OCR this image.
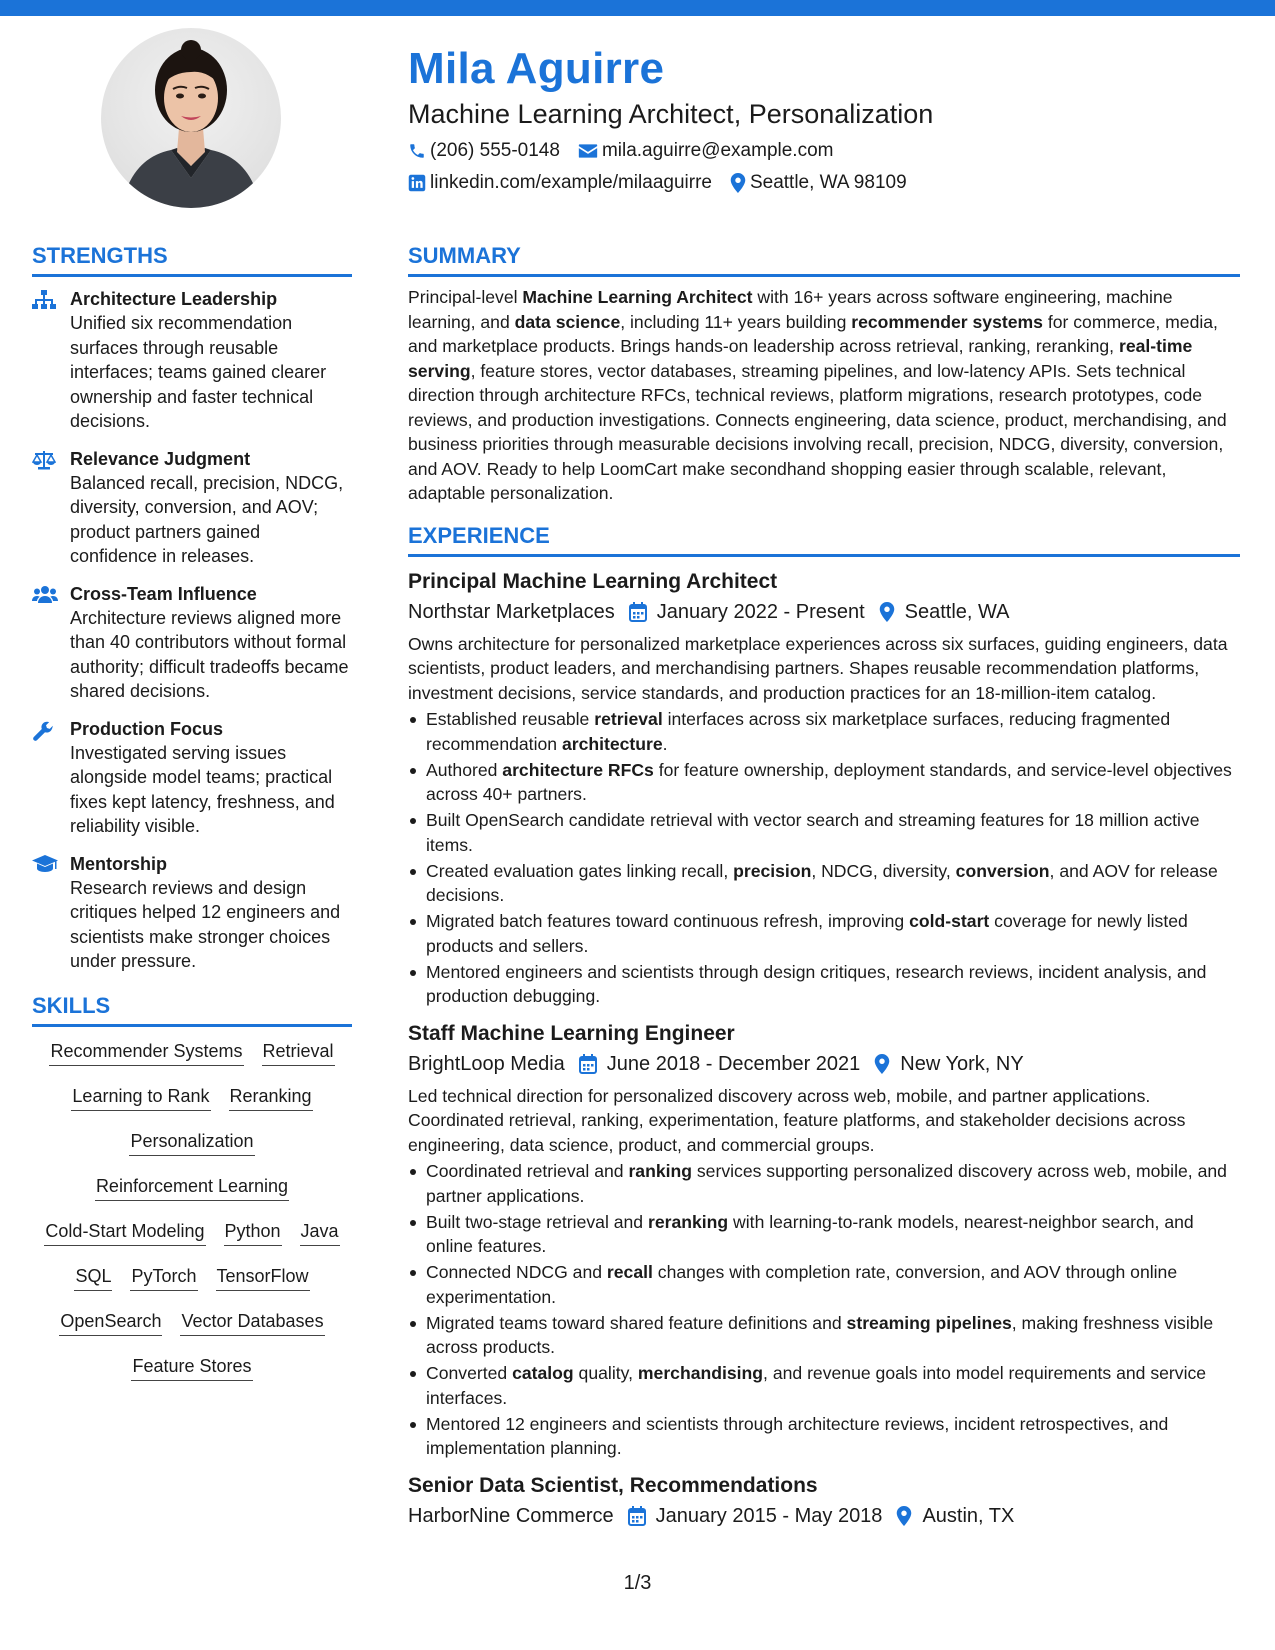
Mila Aguirre
Machine Learning Architect, Personalization
(206) 555-0148 mila.aguirre@example.com
linkedin.com/example/milaaguirre Seattle, WA 98109
STRENGTHS
Architecture Leadership
Unified six recommendation surfaces through reusable interfaces; teams gained clearer ownership and faster technical decisions.
Relevance Judgment
Balanced recall, precision, NDCG, diversity, conversion, and AOV; product partners gained confidence in releases.
Cross-Team Influence
Architecture reviews aligned more than 40 contributors without formal authority; difficult tradeoffs became shared decisions.
Production Focus
Investigated serving issues alongside model teams; practical fixes kept latency, freshness, and reliability visible.
Mentorship
Research reviews and design critiques helped 12 engineers and scientists make stronger choices under pressure.
SKILLS
Recommender Systems Retrieval
Learning to Rank Reranking
Personalization
Reinforcement Learning
Cold-Start Modeling Python Java
SQL PyTorch TensorFlow
OpenSearch Vector Databases
Feature Stores
SUMMARY
Principal-level Machine Learning Architect with 16+ years across software engineering, machine learning, and data science, including 11+ years building recommender systems for commerce, media, and marketplace products. Brings hands-on leadership across retrieval, ranking, reranking, real-time serving, feature stores, vector databases, streaming pipelines, and low-latency APIs. Sets technical direction through architecture RFCs, technical reviews, platform migrations, research prototypes, code reviews, and production investigations. Connects engineering, data science, product, merchandising, and business priorities through measurable decisions involving recall, precision, NDCG, diversity, conversion, and AOV. Ready to help LoomCart make secondhand shopping easier through scalable, relevant, adaptable personalization.
EXPERIENCE
Principal Machine Learning Architect
Northstar Marketplaces January 2022 - Present Seattle, WA
Owns architecture for personalized marketplace experiences across six surfaces, guiding engineers, data scientists, product leaders, and merchandising partners. Shapes reusable recommendation platforms, investment decisions, service standards, and production practices for an 18-million-item catalog.
Established reusable retrieval interfaces across six marketplace surfaces, reducing fragmented recommendation architecture.
Authored architecture RFCs for feature ownership, deployment standards, and service-level objectives across 40+ partners.
Built OpenSearch candidate retrieval with vector search and streaming features for 18 million active items.
Created evaluation gates linking recall, precision, NDCG, diversity, conversion, and AOV for release decisions.
Migrated batch features toward continuous refresh, improving cold-start coverage for newly listed products and sellers.
Mentored engineers and scientists through design critiques, research reviews, incident analysis, and production debugging.
Staff Machine Learning Engineer
BrightLoop Media June 2018 - December 2021 New York, NY
Led technical direction for personalized discovery across web, mobile, and partner applications. Coordinated retrieval, ranking, experimentation, feature platforms, and stakeholder decisions across engineering, data science, product, and commercial groups.
Coordinated retrieval and ranking services supporting personalized discovery across web, mobile, and partner applications.
Built two-stage retrieval and reranking with learning-to-rank models, nearest-neighbor search, and online features.
Connected NDCG and recall changes with completion rate, conversion, and AOV through online experimentation.
Migrated teams toward shared feature definitions and streaming pipelines, making freshness visible across products.
Converted catalog quality, merchandising, and revenue goals into model requirements and service interfaces.
Mentored 12 engineers and scientists through architecture reviews, incident retrospectives, and implementation planning.
Senior Data Scientist, Recommendations
HarborNine Commerce January 2015 - May 2018 Austin, TX
1/3
